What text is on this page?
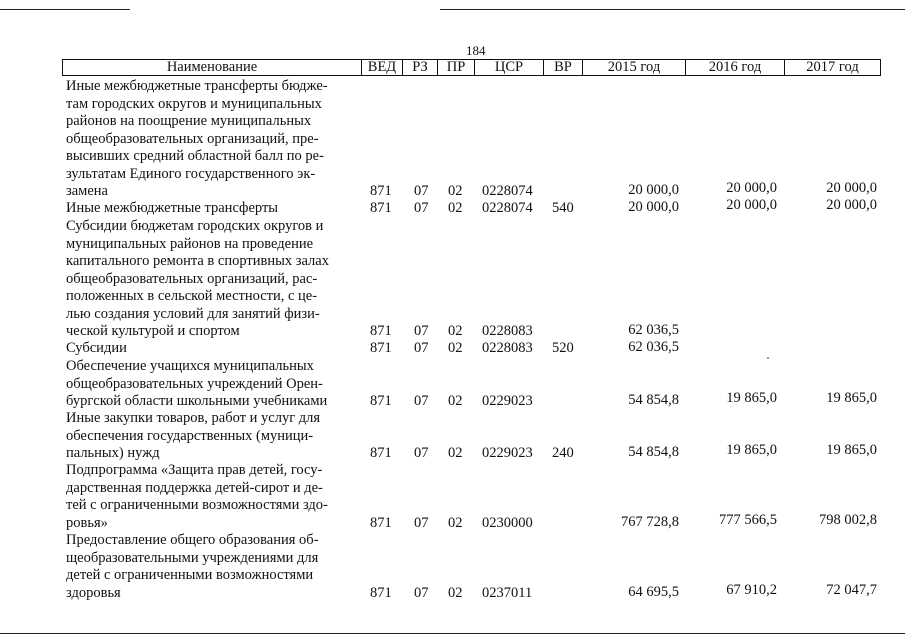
184
Наименование	ВЕД	РЗ	ПР	ЦСР	ВР	2015 год	2016 год	2017 год
Иные межбюджетные трансферты бюдже-
там городских округов и муниципальных
районов на поощрение муниципальных
общеобразовательных организаций, пре-
высивших средний областной балл по ре-
зультатам Единого государственного эк-
замена	871 07 02 0228074	20 000,0	20 000,0	20 000,0
Иные межбюджетные трансферты	871 07 02 0228074 540	20 000,0	20 000,0	20 000,0
Субсидии бюджетам городских округов и
муниципальных районов на проведение
капитального ремонта в спортивных залах
общеобразовательных организаций, рас-
положенных в сельской местности, с це-
лью создания условий для занятий физи-
ческой культурой и спортом	871 07 02 0228083	62 036,5
Субсидии	871 07 02 0228083 520	62 036,5
Обеспечение учащихся муниципальных
общеобразовательных учреждений Орен-
бургской области школьными учебниками	871 07 02 0229023	54 854,8	19 865,0	19 865,0
Иные закупки товаров, работ и услуг для
обеспечения государственных (муници-
пальных) нужд	871 07 02 0229023 240	54 854,8	19 865,0	19 865,0
Подпрограмма «Защита прав детей, госу-
дарственная поддержка детей-сирот и де-
тей с ограниченными возможностями здо-
ровья»	871 07 02 0230000	767 728,8	777 566,5	798 002,8
Предоставление общего образования об-
щеобразовательными учреждениями для
детей с ограниченными возможностями
здоровья	871 07 02 0237011	64 695,5	67 910,2	72 047,7
